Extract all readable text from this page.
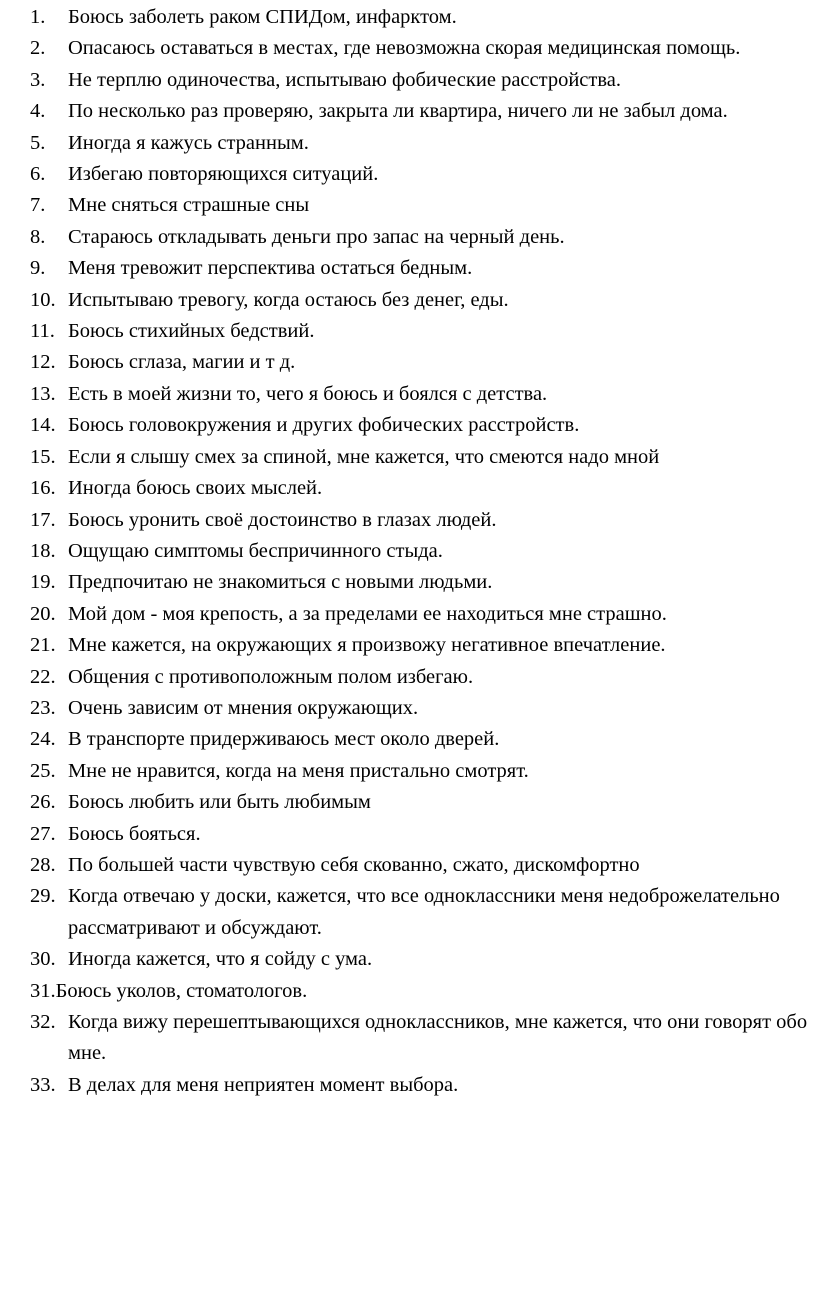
1.	Боюсь заболеть раком СПИДом, инфарктом.
2.	Опасаюсь оставаться в местах, где невозможна скорая медицинская помощь.
3.	Не терплю одиночества, испытываю фобические расстройства.
4.	По несколько раз проверяю, закрыта ли квартира, ничего ли не забыл дома.
5.	Иногда я кажусь странным.
6.	Избегаю повторяющихся ситуаций.
7.	Мне сняться страшные сны
8.	Стараюсь откладывать деньги про запас на черный день.
9.	Меня тревожит перспектива остаться бедным.
10. Испытываю тревогу, когда остаюсь без денег, еды.
11. Боюсь стихийных бедствий.
12. Боюсь сглаза, магии и т д.
13. Есть в моей жизни то, чего я боюсь и боялся с детства.
14. Боюсь головокружения и других фобических расстройств.
15. Если я слышу смех за спиной, мне кажется, что смеются надо мной
16. Иногда боюсь своих мыслей.
17. Боюсь уронить своё достоинство в глазах людей.
18. Ощущаю симптомы беспричинного стыда.
19. Предпочитаю не знакомиться с новыми людьми.
20. Мой дом - моя крепость, а за пределами ее находиться мне страшно.
21. Мне кажется, на окружающих я произвожу негативное впечатление.
22. Общения с противоположным полом избегаю.
23. Очень зависим от мнения окружающих.
24. В транспорте придерживаюсь мест около дверей.
25. Мне не нравится, когда на меня пристально смотрят.
26. Боюсь любить или быть любимым
27. Боюсь бояться.
28. По большей части чувствую себя скованно, сжато, дискомфортно
29. Когда отвечаю у доски, кажется, что все одноклассники меня недоброжелательно рассматривают и обсуждают.
30. Иногда кажется, что я сойду с ума.
31. Боюсь уколов, стоматологов.
32. Когда вижу перешептывающихся одноклассников, мне кажется, что они говорят обо мне.
33. В делах для меня неприятен момент выбора.
